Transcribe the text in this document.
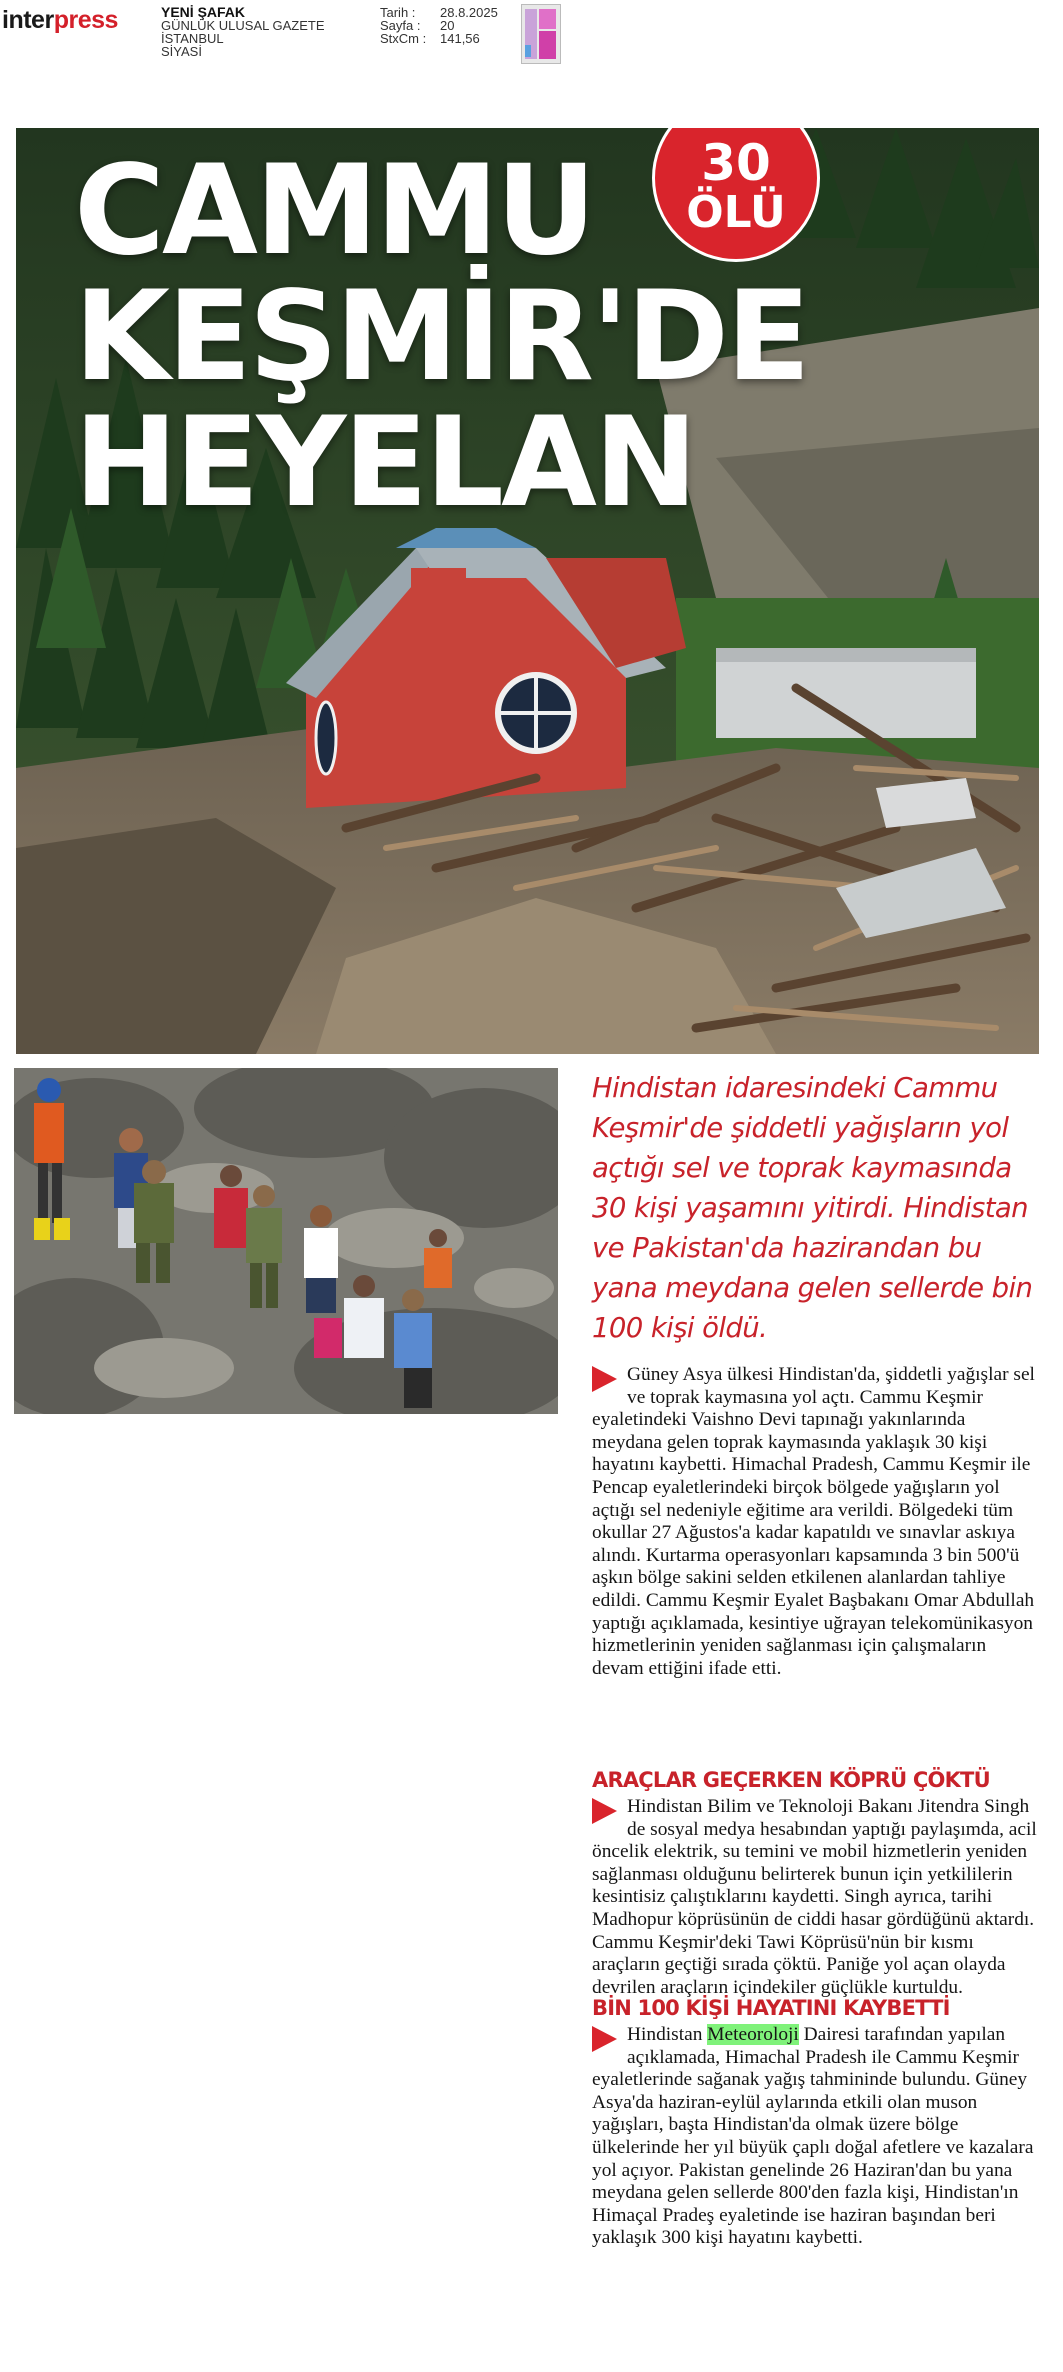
interpress	YENİ ŞAFAK
GÜNLÜK ULUSAL GAZETE
İSTANBUL
SİYASİ
Tarih : 28.8.2025
Sayfa : 20
StxCm : 141,56
CAMMU
KEŞMİR'DE
HEYELAN
30
ÖLÜ

Hindistan idaresindeki Cammu Keşmir'de şiddetli yağışların yol açtığı sel ve toprak kaymasında 30 kişi yaşamını yitirdi. Hindistan ve Pakistan'da hazirandan bu yana meydana gelen sellerde bin 100 kişi öldü.

Güney Asya ülkesi Hindistan'da, şiddetli yağışlar sel ve toprak kaymasına yol açtı. Cammu Keşmir eyaletindeki Vaishno Devi tapınağı yakınlarında meydana gelen toprak kaymasında yaklaşık 30 kişi hayatını kaybetti. Himachal Pradesh, Cammu Keşmir ile Pencap eyaletlerindeki birçok bölgede yağışların yol açtığı sel nedeniyle eğitime ara verildi. Bölgedeki tüm okullar 27 Ağustos'a kadar kapatıldı ve sınavlar askıya alındı. Kurtarma operasyonları kapsamında 3 bin 500'ü aşkın bölge sakini selden etkilenen alanlardan tahliye edildi. Cammu Keşmir Eyalet Başbakanı Omar Abdullah yaptığı açıklamada, kesintiye uğrayan telekomünikasyon hizmetlerinin yeniden sağlanması için çalışmaların devam ettiğini ifade etti.

ARAÇLAR GEÇERKEN KÖPRÜ ÇÖKTÜ

Hindistan Bilim ve Teknoloji Bakanı Jitendra Singh de sosyal medya hesabından yaptığı paylaşımda, acil öncelik elektrik, su temini ve mobil hizmetlerin yeniden sağlanması olduğunu belirterek bunun için yetkililerin kesintisiz çalıştıklarını kaydetti. Singh ayrıca, tarihi Madhopur köprüsünün de ciddi hasar gördüğünü aktardı. Cammu Keşmir'deki Tawi Köprüsü'nün bir kısmı araçların geçtiği sırada çöktü. Paniğe yol açan olayda devrilen araçların içindekiler güçlükle kurtuldu.

BİN 100 KİŞİ HAYATINI KAYBETTİ

Hindistan Meteoroloji Dairesi tarafından yapılan açıklamada, Himachal Pradesh ile Cammu Keşmir eyaletlerinde sağanak yağış tahmininde bulundu. Güney Asya'da haziran-eylül aylarında etkili olan muson yağışları, başta Hindistan'da olmak üzere bölge ülkelerinde her yıl büyük çaplı doğal afetlere ve kazalara yol açıyor. Pakistan genelinde 26 Haziran'dan bu yana meydana gelen sellerde 800'den fazla kişi, Hindistan'ın Himaçal Pradeş eyaletinde ise haziran başından beri yaklaşık 300 kişi hayatını kaybetti.
